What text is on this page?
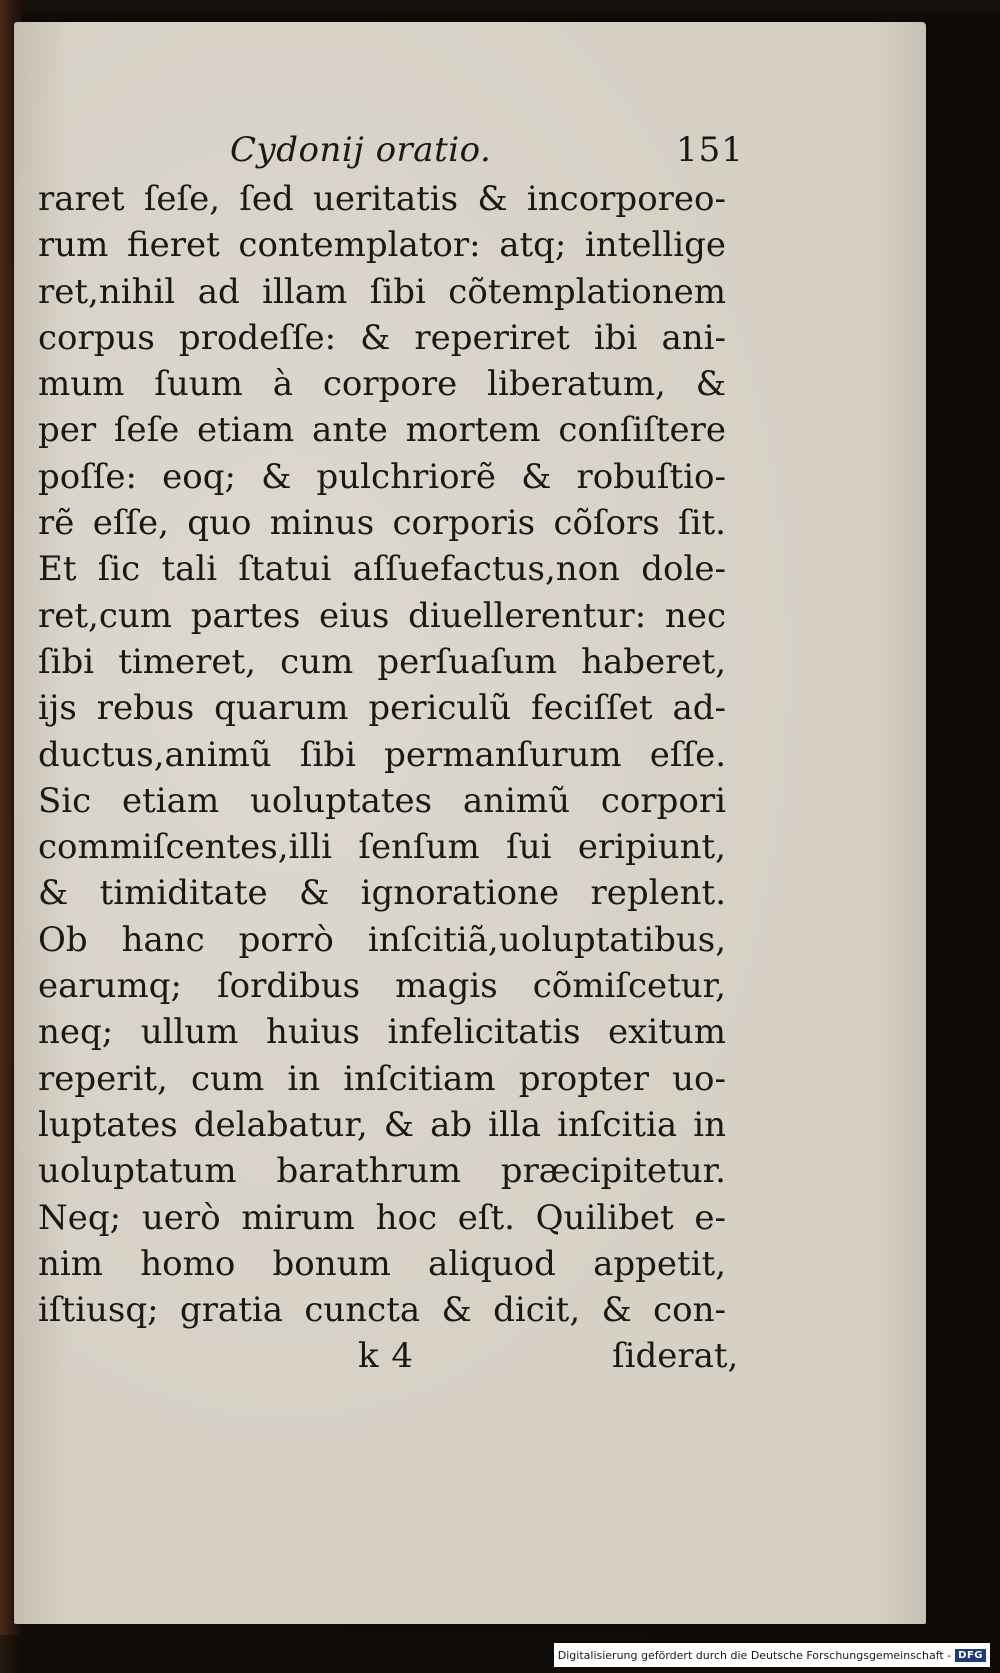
Cydonij oratio.	151
raret ſeſe, ſed ueritatis & incorporeo-
rum fieret contemplator: atq; intellige
ret,nihil ad illam ſibi cõtemplationem
corpus prodeſſe: & reperiret ibi ani-
mum ſuum à corpore liberatum, &
per ſeſe etiam ante mortem conſiſtere
poſſe: eoq; & pulchriorẽ & robuſtio-
rẽ eſſe, quo minus corporis cõſors ſit.
Et ſic tali ſtatui aſſuefactus,non dole-
ret,cum partes eius diuellerentur: nec
ſibi timeret, cum perſuaſum haberet,
ijs rebus quarum periculũ feciſſet ad-
ductus,animũ ſibi permanſurum eſſe.
Sic etiam uoluptates animũ corpori
commiſcentes,illi ſenſum ſui eripiunt,
& timiditate & ignoratione replent.
Ob hanc porrò inſcitiã,uoluptatibus,
earumq; ſordibus magis cõmiſcetur,
neq; ullum huius infelicitatis exitum
reperit, cum in inſcitiam propter uo-
luptates delabatur, & ab illa inſcitia in
uoluptatum barathrum præcipitetur.
Neq; uerò mirum hoc eſt. Quilibet e-
nim homo bonum aliquod appetit,
iſtiusq; gratia cuncta & dicit, & con-
k 4	ſiderat,
Digitalisierung gefördert durch die Deutsche Forschungsgemeinschaft - DFG
